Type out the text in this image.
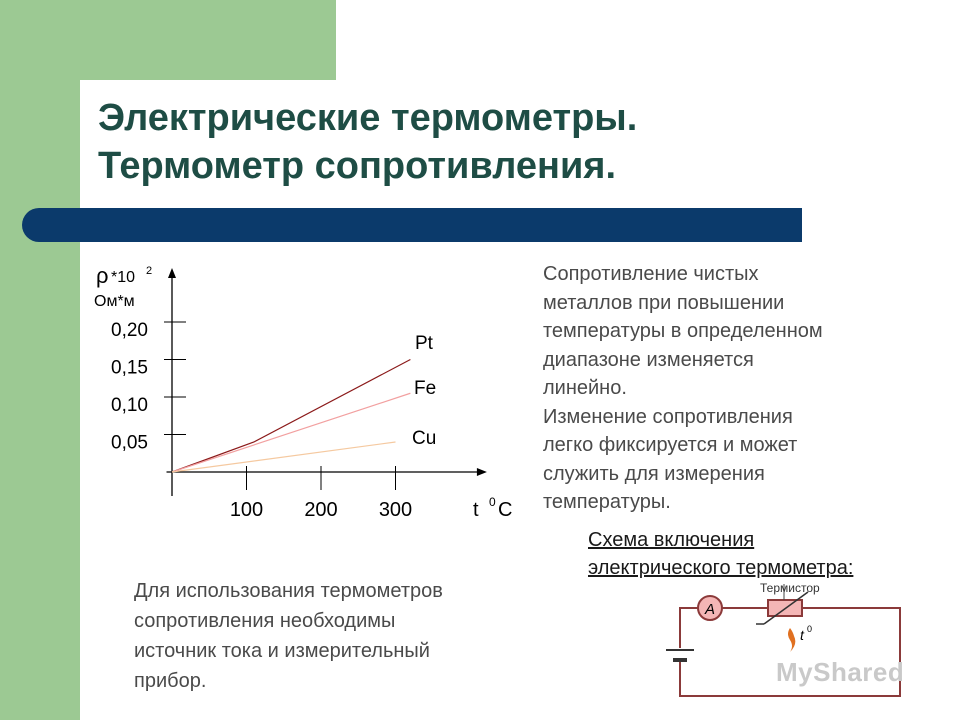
Электрические термометры.
Термометр сопротивления.
0,05
0,10
0,15
0,20
100 200 300
Pt
Fe
Cu
ρ *10 2
Ом*м
t 0 С

Сопротивление чистых
металлов при повышении
температуры в определенном
диапазоне изменяется
линейно.
Изменение сопротивления
легко фиксируется и может
служить для измерения
температуры.

Схема включения
электрического термометра:

Для использования термометров
сопротивления необходимы
источник тока и измерительный
прибор.

A
Термистор
t 0
MyShared
